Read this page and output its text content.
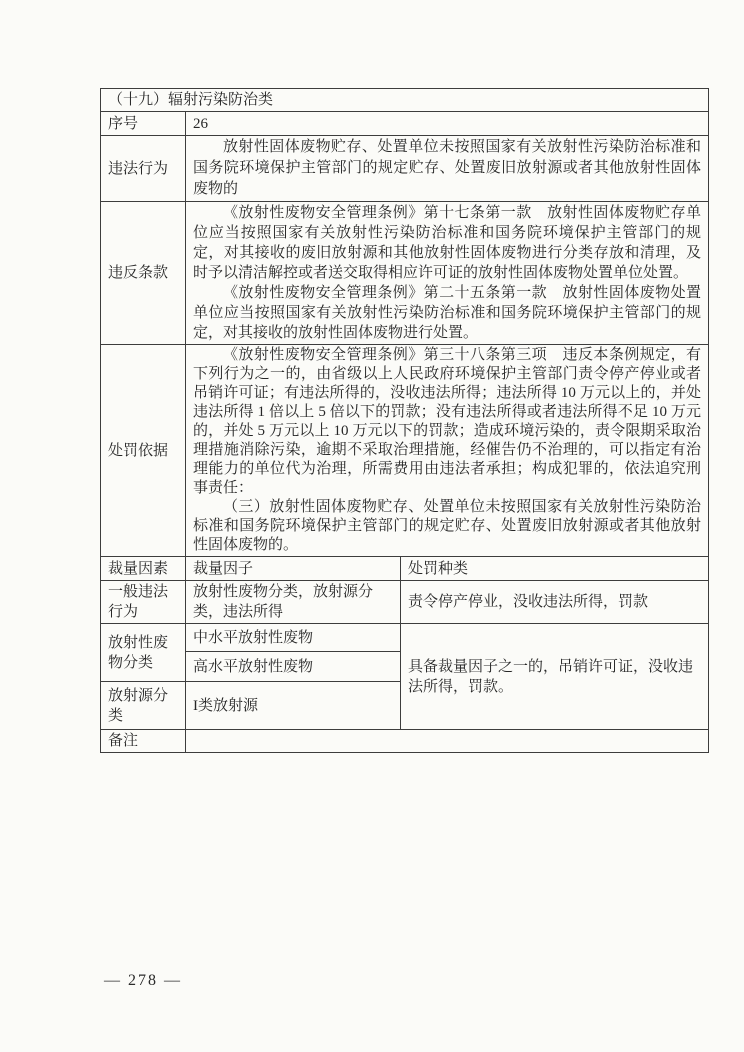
（十九）辐射污染防治类		
序号	26	
违法行为	放射性固体废物贮存、处置单位未按照国家有关放射性污染防治标准和国务院环境保护主管部门的规定贮存、处置废旧放射源或者其他放射性固体废物的	

违反条款	《放射性废物安全管理条例》第十七条第一款　放射性固体废物贮存单位应当按照国家有关放射性污染防治标准和国务院环境保护主管部门的规定，对其接收的废旧放射源和其他放射性固体废物进行分类存放和清理，及时予以清洁解控或者送交取得相应许可证的放射性固体废物处置单位处置。

《放射性废物安全管理条例》第二十五条第一款　放射性固体废物处置单位应当按照国家有关放射性污染防治标准和国务院环境保护主管部门的规定，对其接收的放射性固体废物进行处置。	

处罚依据	《放射性废物安全管理条例》第三十八条第三项　违反本条例规定，有下列行为之一的，由省级以上人民政府环境保护主管部门责令停产停业或者吊销许可证；有违法所得的，没收违法所得；违法所得 10 万元以上的，并处违法所得 1 倍以上 5 倍以下的罚款；没有违法所得或者违法所得不足 10 万元的，并处 5 万元以上 10 万元以下的罚款；造成环境污染的，责令限期采取治理措施消除污染，逾期不采取治理措施，经催告仍不治理的，可以指定有治理能力的单位代为治理，所需费用由违法者承担；构成犯罪的，依法追究刑事责任：

（三）放射性固体废物贮存、处置单位未按照国家有关放射性污染防治标准和国务院环境保护主管部门的规定贮存、处置废旧放射源或者其他放射性固体废物的。	

裁量因素	裁量因子	处罚种类
一般违法行为	放射性废物分类，放射源分类，违法所得	责令停产停业，没收违法所得，罚款
放射性废物分类	中水平放射性废物	具备裁量因子之一的，吊销许可证，没收违法所得，罚款。
	高水平放射性废物	
放射源分类	I类放射源	
备注		
— 278 —
